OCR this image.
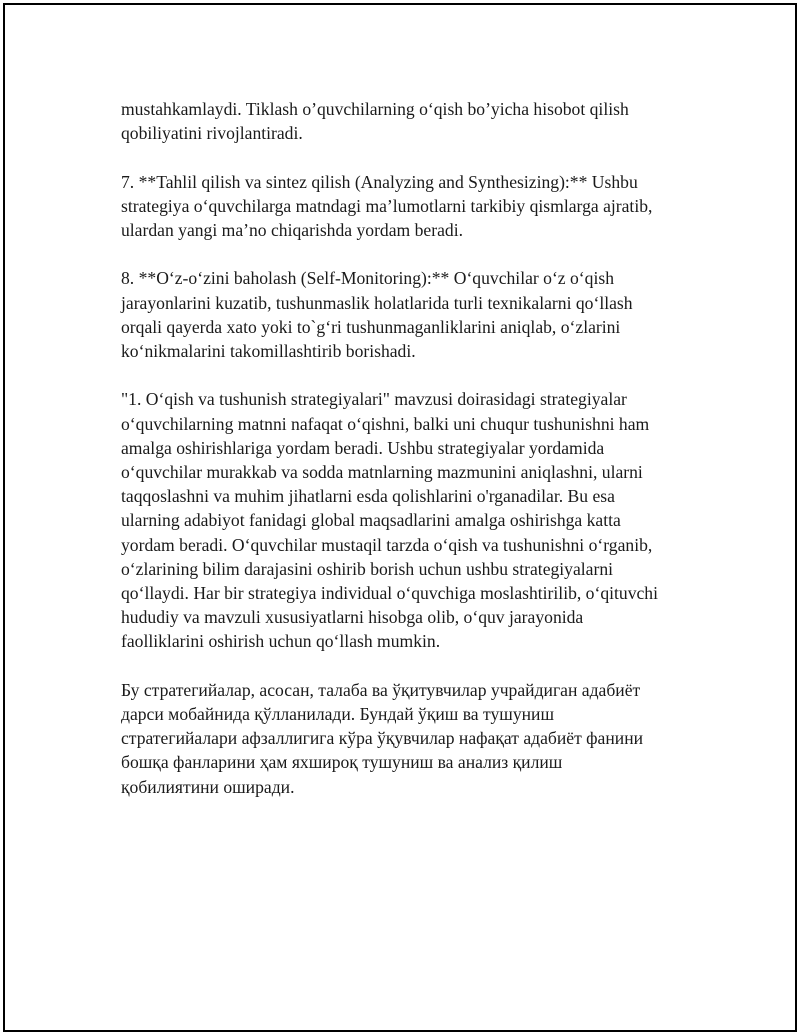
mustahkamlaydi. Tiklash o’quvchilarning o‘qish bo’yicha hisobot qilish
qobiliyatini rivojlantiradi.

7. **Tahlil qilish va sintez qilish (Analyzing and Synthesizing):** Ushbu
strategiya o‘quvchilarga matndagi ma’lumotlarni tarkibiy qismlarga ajratib,
ulardan yangi ma’no chiqarishda yordam beradi.

8. **O‘z-o‘zini baholash (Self-Monitoring):** O‘quvchilar o‘z o‘qish
jarayonlarini kuzatib, tushunmaslik holatlarida turli texnikalarni qo‘llash
orqali qayerda xato yoki to`g‘ri tushunmaganliklarini aniqlab, o‘zlarini
ko‘nikmalarini takomillashtirib borishadi.

"1. O‘qish va tushunish strategiyalari" mavzusi doirasidagi strategiyalar
o‘quvchilarning matnni nafaqat o‘qishni, balki uni chuqur tushunishni ham
amalga oshirishlariga yordam beradi. Ushbu strategiyalar yordamida
o‘quvchilar murakkab va sodda matnlarning mazmunini aniqlashni, ularni
taqqoslashni va muhim jihatlarni esda qolishlarini o'rganadilar. Bu esa
ularning adabiyot fanidagi global maqsadlarini amalga oshirishga katta
yordam beradi. O‘quvchilar mustaqil tarzda o‘qish va tushunishni o‘rganib,
o‘zlarining bilim darajasini oshirib borish uchun ushbu strategiyalarni
qo‘llaydi. Har bir strategiya individual o‘quvchiga moslashtirilib, o‘qituvchi
hududiy va mavzuli xususiyatlarni hisobga olib, o‘quv jarayonida
faolliklarini oshirish uchun qo‘llash mumkin.

Бу стратегийалар, асосан, талаба ва ўқитувчилар учрайдиган адабиёт
дарси мобайнида қўлланилади. Бундай ўқиш ва тушуниш
стратегийалари афзаллигига кўра ўқувчилар нафақат адабиёт фанини
бошқа фанларини ҳам яхшироқ тушуниш ва анализ қилиш
қобилиятини оширади.
